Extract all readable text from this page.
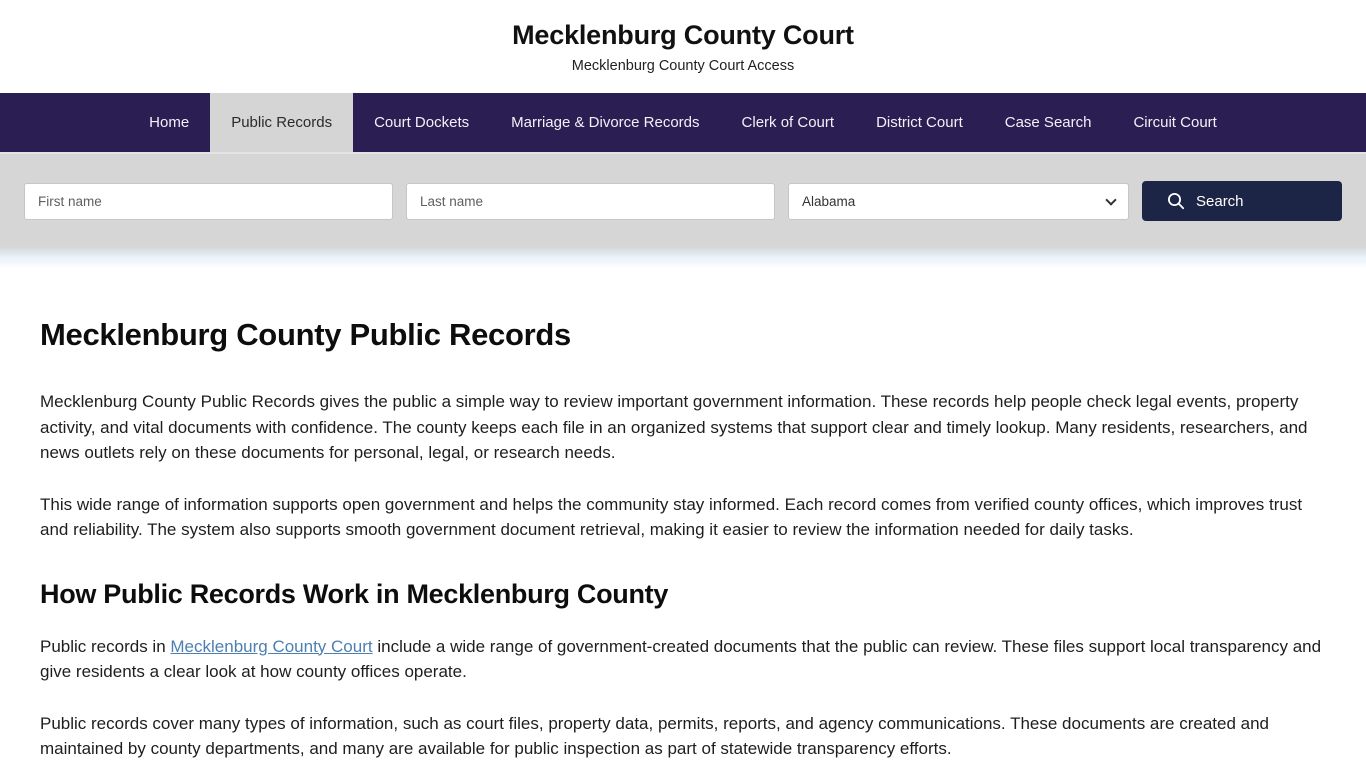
Mecklenburg County Court
Mecklenburg County Court Access
Home	Public Records	Court Dockets	Marriage & Divorce Records	Clerk of Court	District Court	Case Search	Circuit Court
First name
Last name
Alabama
Search
Mecklenburg County Public Records

Mecklenburg County Public Records gives the public a simple way to review important government information. These records help people check legal events, property activity, and vital documents with confidence. The county keeps each file in an organized systems that support clear and timely lookup. Many residents, researchers, and news outlets rely on these documents for personal, legal, or research needs.

This wide range of information supports open government and helps the community stay informed. Each record comes from verified county offices, which improves trust and reliability. The system also supports smooth government document retrieval, making it easier to review the information needed for daily tasks.

How Public Records Work in Mecklenburg County

Public records in Mecklenburg County Court include a wide range of government-created documents that the public can review. These files support local transparency and give residents a clear look at how county offices operate.

Public records cover many types of information, such as court files, property data, permits, reports, and agency communications. These documents are created and maintained by county departments, and many are available for public inspection as part of statewide transparency efforts.
